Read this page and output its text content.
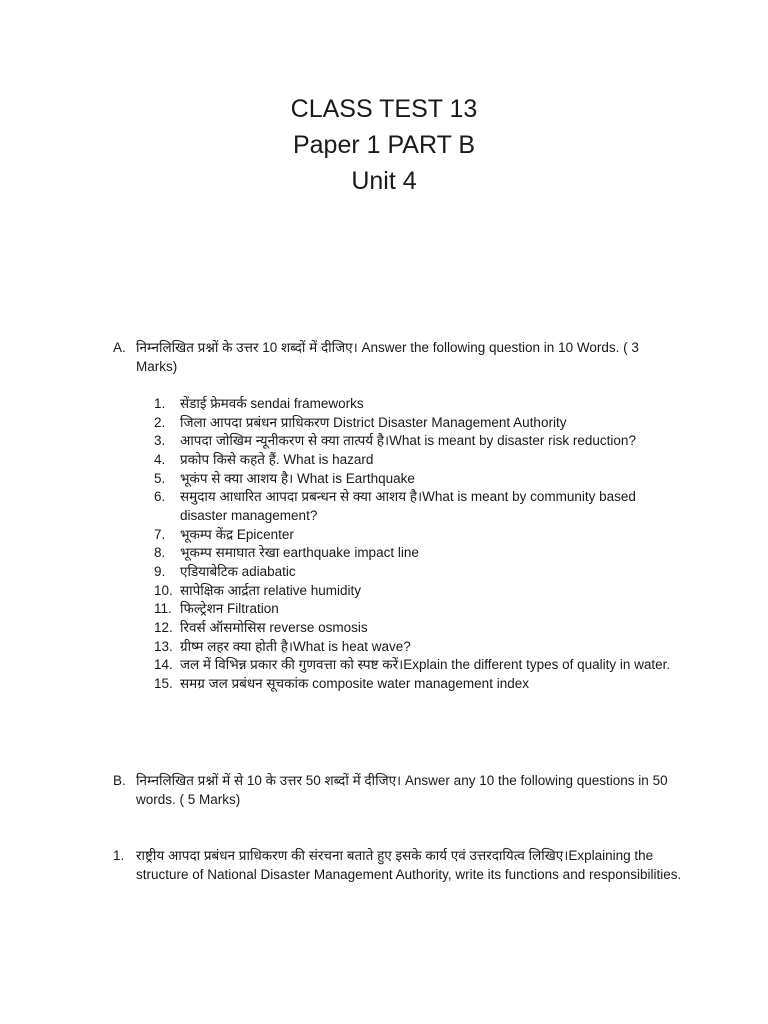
CLASS TEST 13
Paper 1 PART B
Unit 4
A. निम्नलिखित प्रश्नों के उत्तर 10 शब्दों में दीजिए। Answer the following question in 10 Words. ( 3 Marks)
1.	सेंडाई फ्रेमवर्क sendai frameworks
2.	जिला आपदा प्रबंधन प्राधिकरण District Disaster Management Authority
3.	आपदा जोखिम न्यूनीकरण से क्या तात्पर्य है।What is meant by disaster risk reduction?
4.	प्रकोप किसे कहते हैं. What is hazard
5.	भूकंप से क्या आशय है। What is Earthquake
6.	समुदाय आधारित आपदा प्रबन्धन से क्या आशय है।What is meant by community based disaster management?
7.	भूकम्प केंद्र Epicenter
8.	भूकम्प समाघात रेखा earthquake impact line
9.	एडियाबेटिक adiabatic
10. सापेक्षिक आर्द्रता relative humidity
11. फिल्ट्रेशन Filtration
12. रिवर्स ऑसमोसिस reverse osmosis
13. ग्रीष्म लहर क्या होती है।What is heat wave?
14. जल में विभिन्न प्रकार की गुणवत्ता को स्पष्ट करें।Explain the different types of quality in water.
15. समग्र जल प्रबंधन सूचकांक composite water management index
B. निम्नलिखित प्रश्नों में से 10 के उत्तर 50 शब्दों में दीजिए। Answer any 10 the following questions in 50 words. ( 5 Marks)
1. राष्ट्रीय आपदा प्रबंधन प्राधिकरण की संरचना बताते हुए इसके कार्य एवं उत्तरदायित्व लिखिए।Explaining the structure of National Disaster Management Authority, write its functions and responsibilities.
